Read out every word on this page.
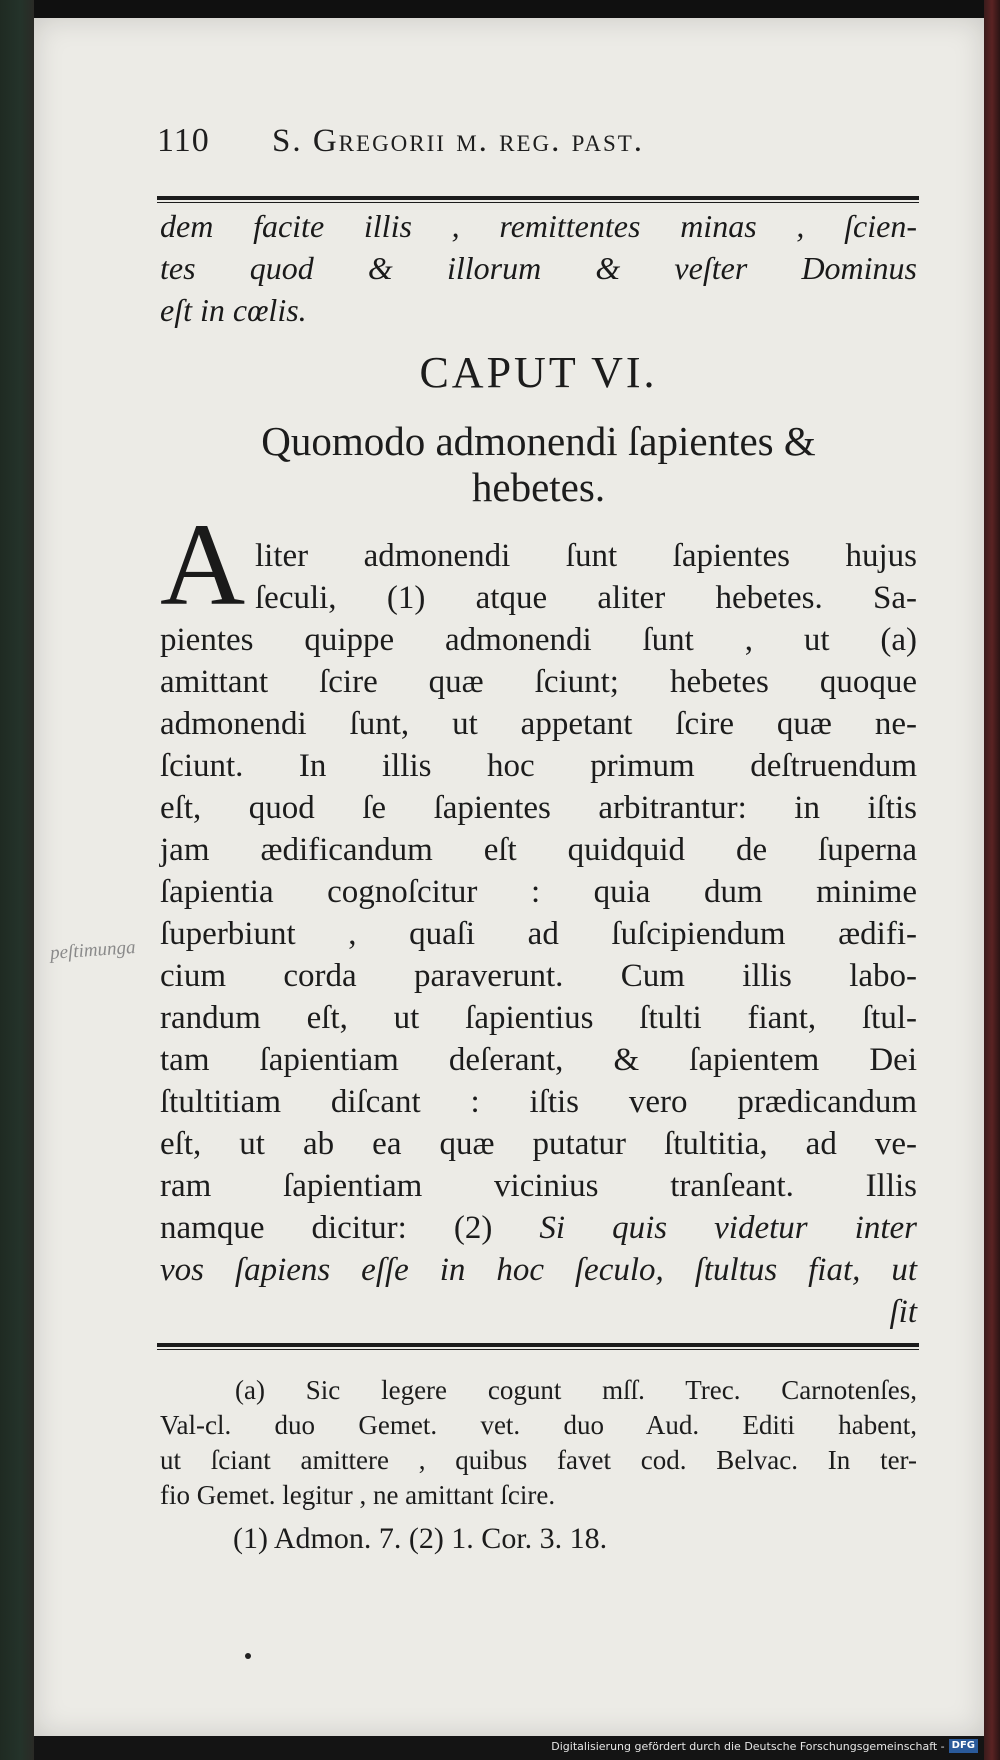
110	S. Gregorii m. reg. past.
dem facite illis , remittentes minas , ſcien-
tes quod & illorum & veſter Dominus
eſt in cœlis.
CAPUT VI.
Quomodo admonendi ſapientes &
hebetes.
A liter admonendi ſunt ſapientes hujus
ſeculi, (1) atque aliter hebetes. Sa-
pientes quippe admonendi ſunt , ut (a)
amittant ſcire quæ ſciunt; hebetes quoque
admonendi ſunt, ut appetant ſcire quæ ne-
ſciunt. In illis hoc primum deſtruendum
eſt, quod ſe ſapientes arbitrantur: in iſtis
jam ædificandum eſt quidquid de ſuperna
ſapientia cognoſcitur : quia dum minime
ſuperbiunt , quaſi ad ſuſcipiendum ædifi-
cium corda paraverunt. Cum illis labo-
randum eſt, ut ſapientius ſtulti fiant, ſtul-
tam ſapientiam deſerant, & ſapientem Dei
ſtultitiam diſcant : iſtis vero prædicandum
eſt, ut ab ea quæ putatur ſtultitia, ad ve-
ram ſapientiam vicinius tranſeant. Illis
namque dicitur: (2) Si quis videtur inter
vos ſapiens eſſe in hoc ſeculo, ſtultus fiat, ut
ſit
peſtimunga
(a) Sic legere cogunt mſſ. Trec. Carnotenſes,
Val-cl. duo Gemet. vet. duo Aud. Editi habent,
ut ſciant amittere , quibus favet cod. Belvac. In ter-
fio Gemet. legitur , ne amittant ſcire.
(1) Admon. 7. (2) 1. Cor. 3. 18.
Digitalisierung gefördert durch die Deutsche Forschungsgemeinschaft - DFG
